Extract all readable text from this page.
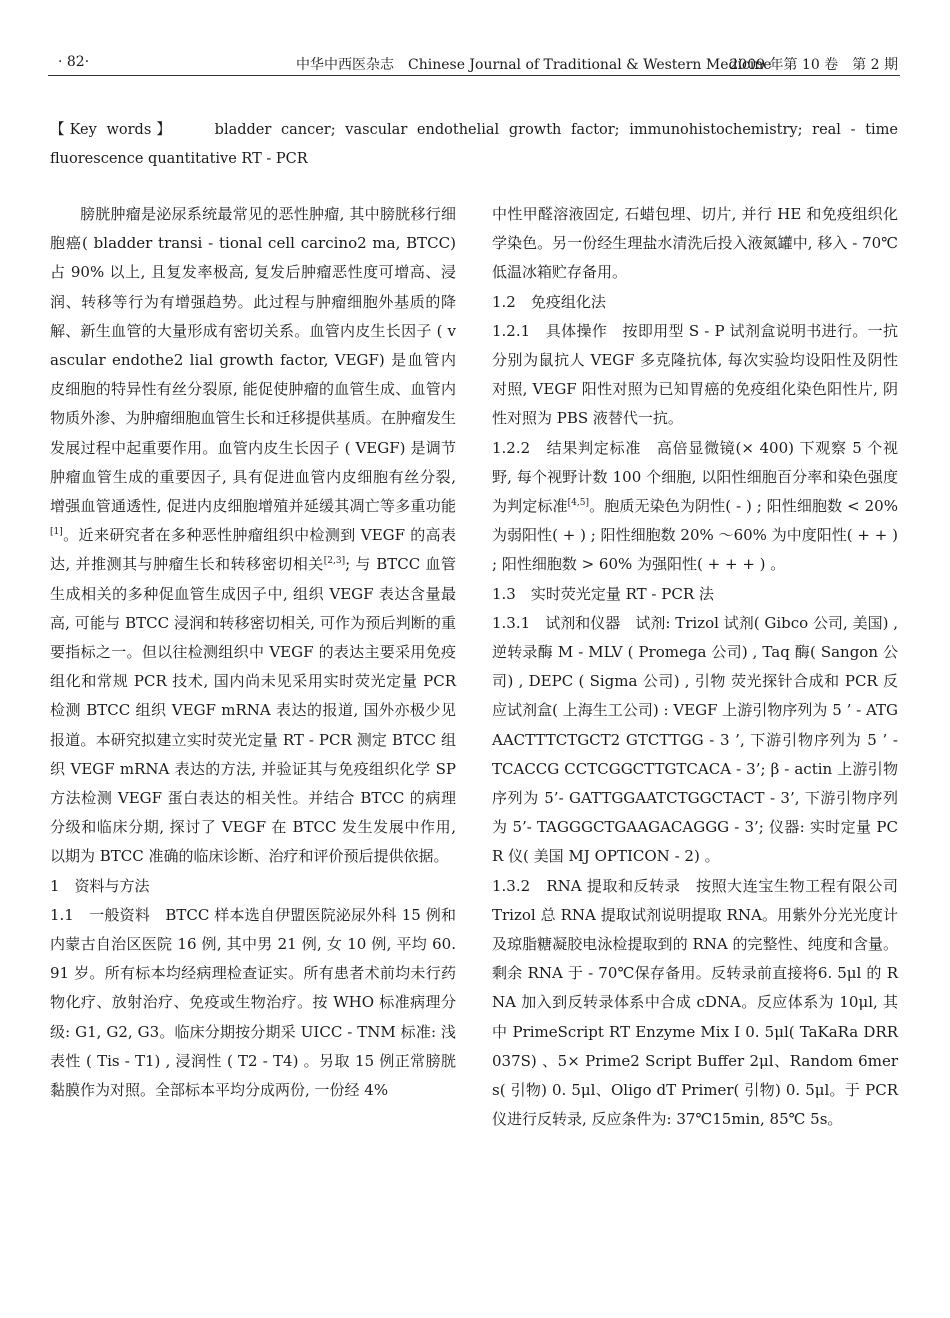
· 82·	中华中西医杂志　Chinese Journal of Traditional & Western Medicine
2009 年第 10 卷　第 2 期
【Key words】	bladder cancer; vascular endothelial growth factor; immunohistochemistry; real - time fluorescence quantitative RT - PCR

膀胱肿瘤是泌尿系统最常见的恶性肿瘤, 其中膀胱移行细胞癌( bladder transi - tional cell carcino2 ma, BTCC) 占 90% 以上, 且复发率极高, 复发后肿瘤恶性度可增高、浸润、转移等行为有增强趋势。此过程与肿瘤细胞外基质的降解、新生血管的大量形成有密切关系。血管内皮生长因子 ( vascular endothe2 lial growth factor, VEGF) 是血管内皮细胞的特异性有丝分裂原, 能促使肿瘤的血管生成、血管内物质外渗、为肿瘤细胞血管生长和迁移提供基质。在肿瘤发生发展过程中起重要作用。血管内皮生长因子 ( VEGF) 是调节肿瘤血管生成的重要因子, 具有促进血管内皮细胞有丝分裂, 增强血管通透性, 促进内皮细胞增殖并延缓其凋亡等多重功能[1]。近来研究者在多种恶性肿瘤组织中检测到 VEGF 的高表达, 并推测其与肿瘤生长和转移密切相关[2,3]; 与 BTCC 血管生成相关的多种促血管生成因子中, 组织 VEGF 表达含量最高, 可能与 BTCC 浸润和转移密切相关, 可作为预后判断的重要指标之一。但以往检测组织中 VEGF 的表达主要采用免疫组化和常规 PCR 技术, 国内尚未见采用实时荧光定量 PCR 检测 BTCC 组织 VEGF mRNA 表达的报道, 国外亦极少见报道。本研究拟建立实时荧光定量 RT - PCR 测定 BTCC 组织 VEGF mRNA 表达的方法, 并验证其与免疫组织化学 SP 方法检测 VEGF 蛋白表达的相关性。并结合 BTCC 的病理分级和临床分期, 探讨了 VEGF 在 BTCC 发生发展中作用, 以期为 BTCC 准确的临床诊断、治疗和评价预后提供依据。

1　资料与方法

1.1　一般资料　BTCC 样本选自伊盟医院泌尿外科 15 例和内蒙古自治区医院 16 例, 其中男 21 例, 女 10 例, 平均 60. 91 岁。所有标本均经病理检查证实。所有患者术前均未行药物化疗、放射治疗、免疫或生物治疗。按 WHO 标准病理分级: G1, G2, G3。临床分期按分期采 UICC - TNM 标准: 浅表性 ( Tis - T1) , 浸润性 ( T2 - T4) 。另取 15 例正常膀胱黏膜作为对照。全部标本平均分成两份, 一份经 4%

中性甲醛溶液固定, 石蜡包埋、切片, 并行 HE 和免疫组织化学染色。另一份经生理盐水清洗后投入液氮罐中, 移入 - 70℃低温冰箱贮存备用。

1.2　免疫组化法

1.2.1　具体操作　按即用型 S - P 试剂盒说明书进行。一抗分别为鼠抗人 VEGF 多克隆抗体, 每次实验均设阳性及阴性对照, VEGF 阳性对照为已知胃癌的免疫组化染色阳性片, 阴性对照为 PBS 液替代一抗。

1.2.2　结果判定标准　高倍显微镜(× 400) 下观察 5 个视野, 每个视野计数 100 个细胞, 以阳性细胞百分率和染色强度为判定标准[4,5]。胞质无染色为阴性( - ) ; 阳性细胞数 < 20% 为弱阳性( + ) ; 阳性细胞数 20% ～60% 为中度阳性( + + ) ; 阳性细胞数 > 60% 为强阳性( + + + ) 。

1.3　实时荧光定量 RT - PCR 法

1.3.1　试剂和仪器　试剂: Trizol 试剂( Gibco 公司, 美国) , 逆转录酶 M - MLV ( Promega 公司) , Taq 酶( Sangon 公司) , DEPC ( Sigma 公司) , 引物 荧光探针合成和 PCR 反应试剂盒( 上海生工公司) : VEGF 上游引物序列为 5 ’ - ATGAACTTTCTGCT2 GTCTTGG - 3 ’, 下游引物序列为 5 ’ - TCACCG CCTCGGCTTGTCACA - 3’; β - actin 上游引物序列为 5’- GATTGGAATCTGGCTACT - 3’, 下游引物序列为 5’- TAGGGCTGAAGACAGGG - 3’; 仪器: 实时定量 PCR 仪( 美国 MJ OPTICON - 2) 。

1.3.2　RNA 提取和反转录　按照大连宝生物工程有限公司 Trizol 总 RNA 提取试剂说明提取 RNA。用紫外分光光度计及琼脂糖凝胶电泳检提取到的 RNA 的完整性、纯度和含量。剩余 RNA 于 - 70℃保存备用。反转录前直接将6. 5μl 的 RNA 加入到反转录体系中合成 cDNA。反应体系为 10μl, 其中 PrimeScript RT Enzyme Mix I 0. 5μl( TaKaRa DRR037S) 、5× Prime2 Script Buffer 2μl、Random 6mers( 引物) 0. 5μl、Oligo dT Primer( 引物) 0. 5μl。于 PCR 仪进行反转录, 反应条件为: 37℃15min, 85℃ 5s。
